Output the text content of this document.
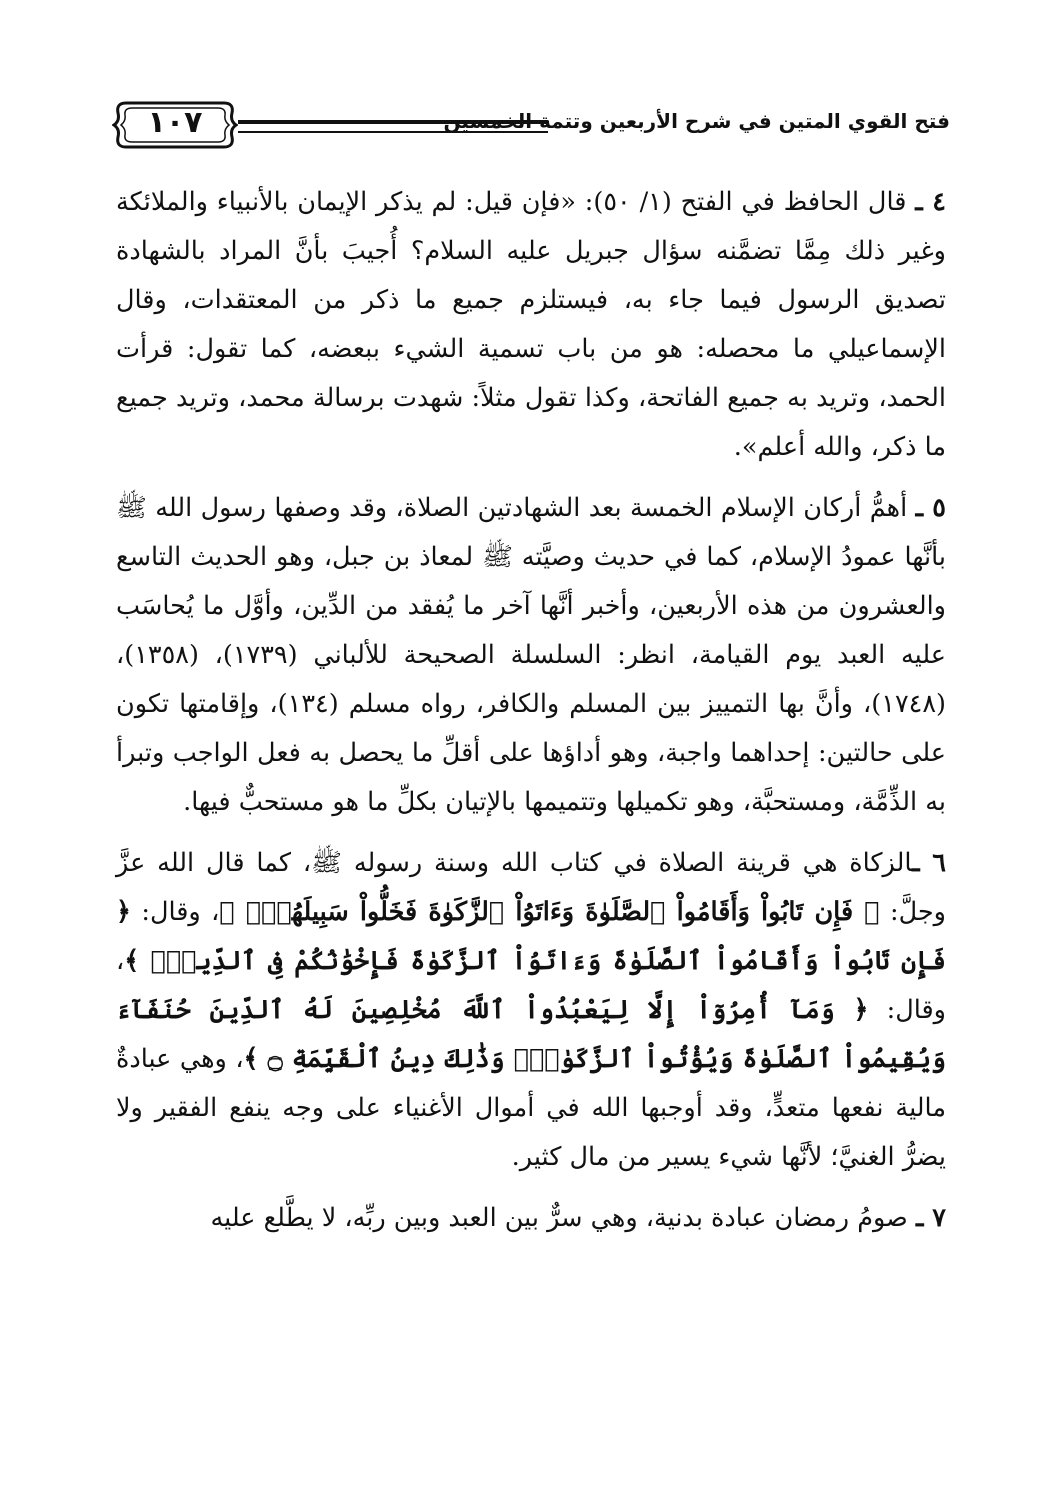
فتح القوي المتين في شرح الأربعين وتتمة الخمسين
١٠٧

٤ ـ قال الحافظ في الفتح (١/ ٥٠): «فإن قيل: لم يذكر الإيمان بالأنبياء والملائكة وغير ذلك مِمَّا تضمَّنه سؤال جبريل عليه السلام؟ أُجيبَ بأنَّ المراد بالشهادة تصديق الرسول فيما جاء به، فيستلزم جميع ما ذكر من المعتقدات، وقال الإسماعيلي ما محصله: هو من باب تسمية الشيء ببعضه، كما تقول: قرأت الحمد، وتريد به جميع الفاتحة، وكذا تقول مثلاً: شهدت برسالة محمد، وتريد جميع ما ذكر، والله أعلم».

٥ ـ أهمُّ أركان الإسلام الخمسة بعد الشهادتين الصلاة، وقد وصفها رسول الله ﷺ بأنَّها عمودُ الإسلام، كما في حديث وصيَّته ﷺ لمعاذ بن جبل، وهو الحديث التاسع والعشرون من هذه الأربعين، وأخبر أنَّها آخر ما يُفقد من الدِّين، وأوَّل ما يُحاسَب عليه العبد يوم القيامة، انظر: السلسلة الصحيحة للألباني (١٧٣٩)، (١٣٥٨)، (١٧٤٨)، وأنَّ بها التمييز بين المسلم والكافر، رواه مسلم (١٣٤)، وإقامتها تكون على حالتين: إحداهما واجبة، وهو أداؤها على أقلِّ ما يحصل به فعل الواجب وتبرأ به الذِّمَّة، ومستحبَّة، وهو تكميلها وتتميمها بالإتيان بكلِّ ما هو مستحبٌّ فيها.

٦ ـالزكاة هي قرينة الصلاة في كتاب الله وسنة رسوله ﷺ، كما قال الله عزَّ وجلَّ: ﴿ فَإِن تَابُواْ وَأَقَامُواْ ٱلصَّلَوٰةَ وَءَاتَوُاْ ٱلزَّكَوٰةَ فَخَلُّواْ سَبِيلَهُمْۚ ﴾، وقال: ﴿ فَإِن تَابُواْ وَأَقَامُواْ ٱلصَّلَوٰةَ وَءَاتَوُاْ ٱلزَّكَوٰةَ فَإِخْوَٰنُكُمْ فِى ٱلدِّينِۗ ﴾، وقال: ﴿ وَمَآ أُمِرُوٓاْ إِلَّا لِيَعْبُدُواْ ٱللَّهَ مُخْلِصِينَ لَهُ ٱلدِّينَ حُنَفَآءَ وَيُقِيمُواْ ٱلصَّلَوٰةَ وَيُؤْتُواْ ٱلزَّكَوٰةَۚ وَذَٰلِكَ دِينُ ٱلْقَيِّمَةِ ۝ ﴾، وهي عبادةٌ مالية نفعها متعدٍّ، وقد أوجبها الله في أموال الأغنياء على وجه ينفع الفقير ولا يضرُّ الغنيَّ؛ لأنَّها شيء يسير من مال كثير.

٧ ـ صومُ رمضان عبادة بدنية، وهي سرٌّ بين العبد وبين ربِّه، لا يطَّلع عليه
